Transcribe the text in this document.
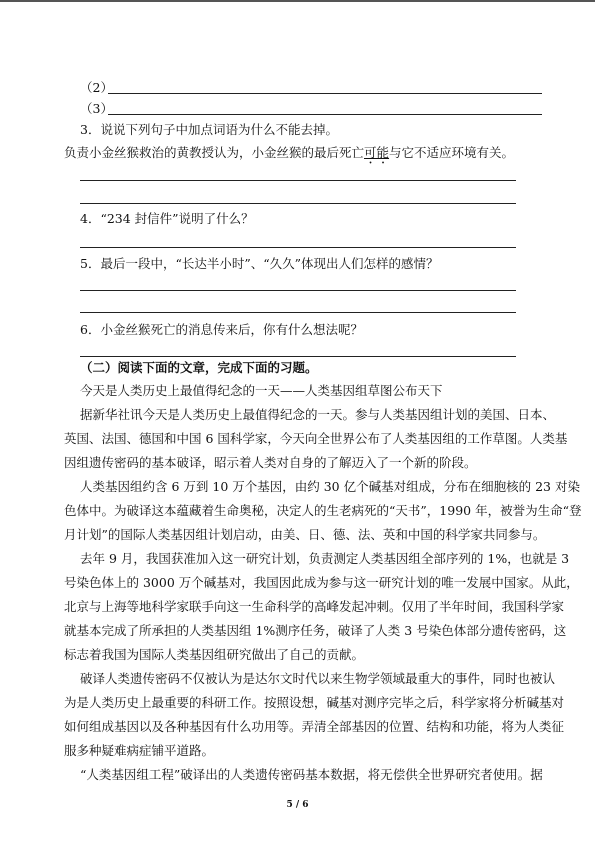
（2）
（3）
3．说说下列句子中加点词语为什么不能去掉。
负责小金丝猴救治的黄教授认为，小金丝猴的最后死亡可能与它不适应环境有关。
4．“234 封信件”说明了什么？
5．最后一段中，“长达半小时”、“久久”体现出人们怎样的感情？
6．小金丝猴死亡的消息传来后，你有什么想法呢？
（二）阅读下面的文章，完成下面的习题。
今天是人类历史上最值得纪念的一天——人类基因组草图公布天下
据新华社讯今天是人类历史上最值得纪念的一天。参与人类基因组计划的美国、日本、
英国、法国、德国和中国 6 国科学家，今天向全世界公布了人类基因组的工作草图。人类基
因组遗传密码的基本破译，昭示着人类对自身的了解迈入了一个新的阶段。
人类基因组约含 6 万到 10 万个基因，由约 30 亿个碱基对组成，分布在细胞核的 23 对染
色体中。为破译这本蕴藏着生命奥秘，决定人的生老病死的“天书”，1990 年，被誉为生命“登
月计划”的国际人类基因组计划启动，由美、日、德、法、英和中国的科学家共同参与。
去年 9 月，我国获准加入这一研究计划，负责测定人类基因组全部序列的 1%，也就是 3
号染色体上的 3000 万个碱基对，我国因此成为参与这一研究计划的唯一发展中国家。从此，
北京与上海等地科学家联手向这一生命科学的高峰发起冲刺。仅用了半年时间，我国科学家
就基本完成了所承担的人类基因组 1%测序任务，破译了人类 3 号染色体部分遗传密码，这
标志着我国为国际人类基因组研究做出了自己的贡献。
破译人类遗传密码不仅被认为是达尔文时代以来生物学领域最重大的事件，同时也被认
为是人类历史上最重要的科研工作。按照设想，碱基对测序完毕之后，科学家将分析碱基对
如何组成基因以及各种基因有什么功用等。弄清全部基因的位置、结构和功能，将为人类征
服多种疑难病症铺平道路。
“人类基因组工程”破译出的人类遗传密码基本数据，将无偿供全世界研究者使用。据
5 / 6
